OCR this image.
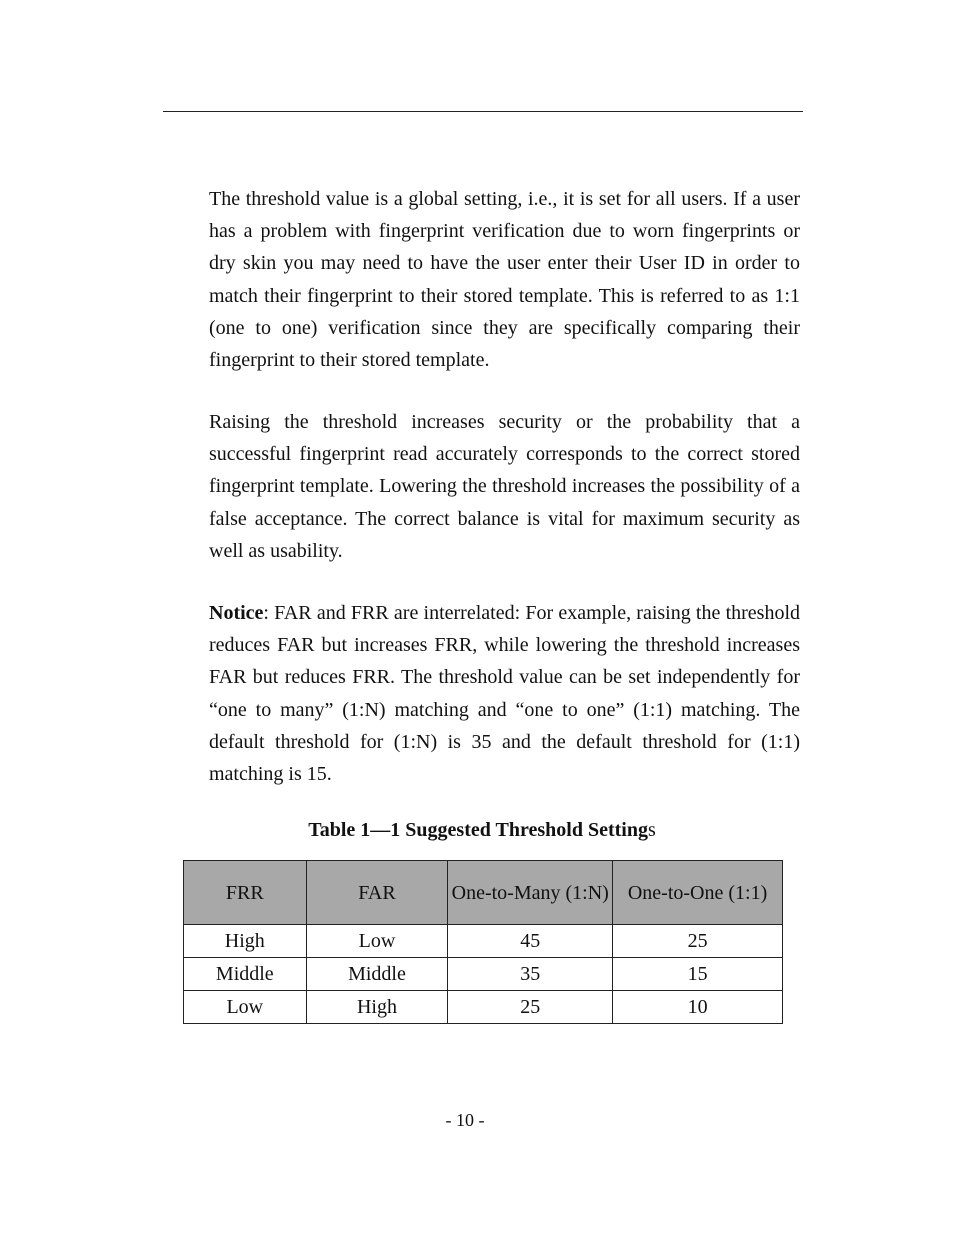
The threshold value is a global setting, i.e., it is set for all users. If a user has a problem with fingerprint verification due to worn fingerprints or dry skin you may need to have the user enter their User ID in order to match their fingerprint to their stored template. This is referred to as 1:1 (one to one) verification since they are specifically comparing their fingerprint to their stored template.

Raising the threshold increases security or the probability that a successful fingerprint read accurately corresponds to the correct stored fingerprint template. Lowering the threshold increases the possibility of a false acceptance. The correct balance is vital for maximum security as well as usability.

Notice: FAR and FRR are interrelated: For example, raising the threshold reduces FAR but increases FRR, while lowering the threshold increases FAR but reduces FRR. The threshold value can be set independently for “one to many” (1:N) matching and “one to one” (1:1) matching. The default threshold for (1:N) is 35 and the default threshold for (1:1) matching is 15.

Table 1—1 Suggested Threshold Settings
FRR	FAR	One-to-Many (1:N)	One-to-One (1:1)
High	Low	45	25
Middle	Middle	35	15
Low	High	25	10
- 10 -
